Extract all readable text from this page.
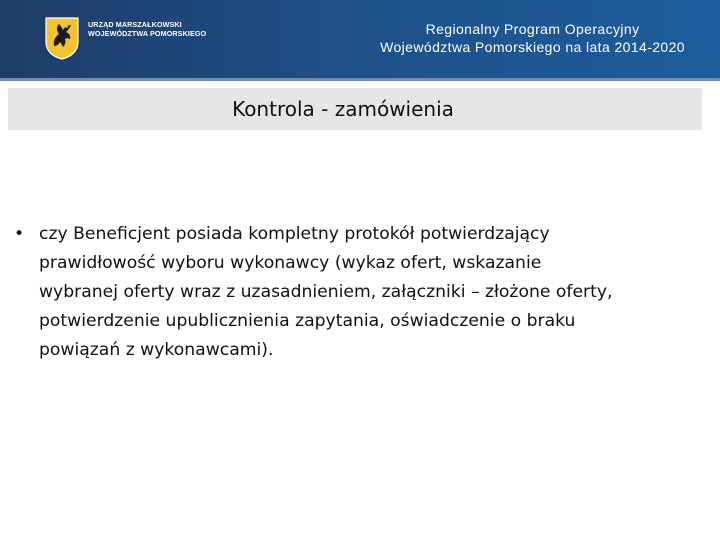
URZĄD MARSZAŁKOWSKI
WOJEWÓDZTWA POMORSKIEGO	Regionalny Program Operacyjny
Województwa Pomorskiego na lata 2014-2020
Kontrola - zamówienia
• czy Beneficjent posiada kompletny protokół potwierdzający
prawidłowość wyboru wykonawcy (wykaz ofert, wskazanie
wybranej oferty wraz z uzasadnieniem, załączniki – złożone oferty,
potwierdzenie upublicznienia zapytania, oświadczenie o braku
powiązań z wykonawcami).
